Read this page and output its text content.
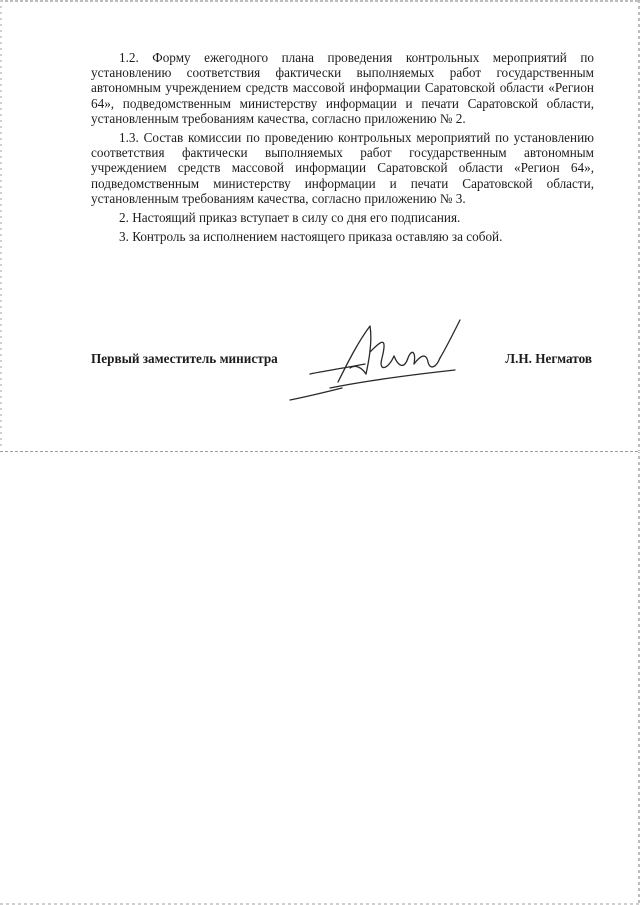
1.2. Форму ежегодного плана проведения контрольных мероприятий по установлению соответствия фактически выполняемых работ государственным автономным учреждением средств массовой информации Саратовской области «Регион 64», подведомственным министерству информации и печати Саратовской области, установленным требованиям качества, согласно приложению № 2.

1.3. Состав комиссии по проведению контрольных мероприятий по установлению соответствия фактически выполняемых работ государственным автономным учреждением средств массовой информации Саратовской области «Регион 64», подведомственным министерству информации и печати Саратовской области, установленным требованиям качества, согласно приложению № 3.

2. Настоящий приказ вступает в силу со дня его подписания.

3. Контроль за исполнением настоящего приказа оставляю за собой.

Первый заместитель министра	Л.Н. Негматов
